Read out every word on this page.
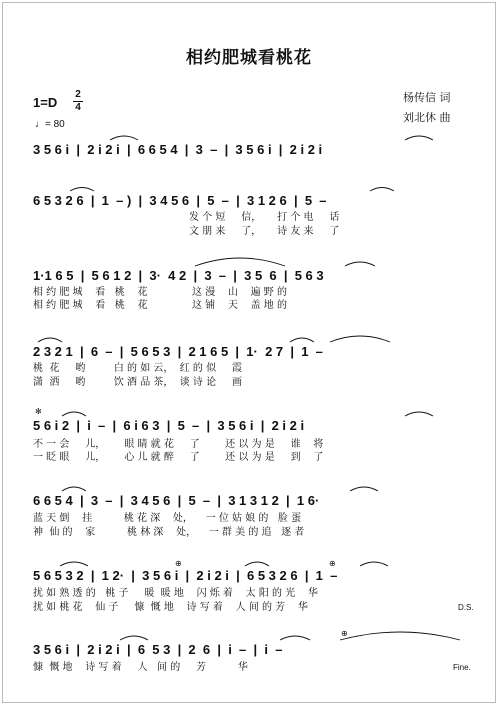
相约肥城看桃花
1=D
2
4
♩= 80
杨传信 词
刘北休 曲
3 5 6 i  |  2 i 2 i  |  6 6 5 4  |  3  –  |  3 5 6 i  |  2 i 2 i
6 5 3 2 6  |  1  – )  |  3 4 5 6  |  5  –  |  3 1 2 6  |  5  –
发 个 短     信，     打 个 电     话
文 朋 来     了，     诗 友 来     了
1·1 6 5  |  5 6 1 2  |  3·  4 2  |  3  –  |  3 5  6  |  5 6 3
相 约 肥 城    看   桃    花              这 漫    山    遍 野 的
相 约 肥 城    看   桃    花              这 铺    天    盖 地 的
2 3 2 1  |  6  –  |  5 6 5 3  |  2 1 6 5  |  1·  2 7  |  1  –
桃  花     哟         白 的 如 云，  红 的 似     霞
潇  洒     哟         饮 酒 品 茶，  谈 诗 论     画
✻
5 6 i 2  |  i  –  |  6 i 6 3  |  5  –  |  3 5 6 i  |  2 i 2 i
不 一 会     儿，      眼 睛 就 花     了        还 以 为 是     谁    将
一 眨 眼     儿，      心 儿 就 醉     了        还 以 为 是     到    了
6 6 5 4  |  3  –  |  3 4 5 6  |  5  –  |  3 1 3 1 2  |  1 6·
蓝 天 倒    挂          桃 花 深    处，    一 位 姑 娘 的   脸 蛋
神  仙 的    家          桃 林 深    处，    一 群 美 的 追   逐 者
⊕	⊕
5 6 5 3 2  |  1 2·  |  3 5 6 i  |  2 i 2 i  |  6 5 3 2 6  |  1  –
扰 如 熟 透 的   桃 子     暖  暖 地    闪 烁 着    太 阳 的 光    华
扰 如 桃 花    仙 子     慷  慨 地    诗 写 着    人 间 的 芳    华	D.S.
⊕
3 5 6 i  |  2 i 2 i  |  6  5 3  |  2  6  |  i  –  |  i  –
慷  慨 地    诗 写 着     人   间 的     芳          华	Fine.
